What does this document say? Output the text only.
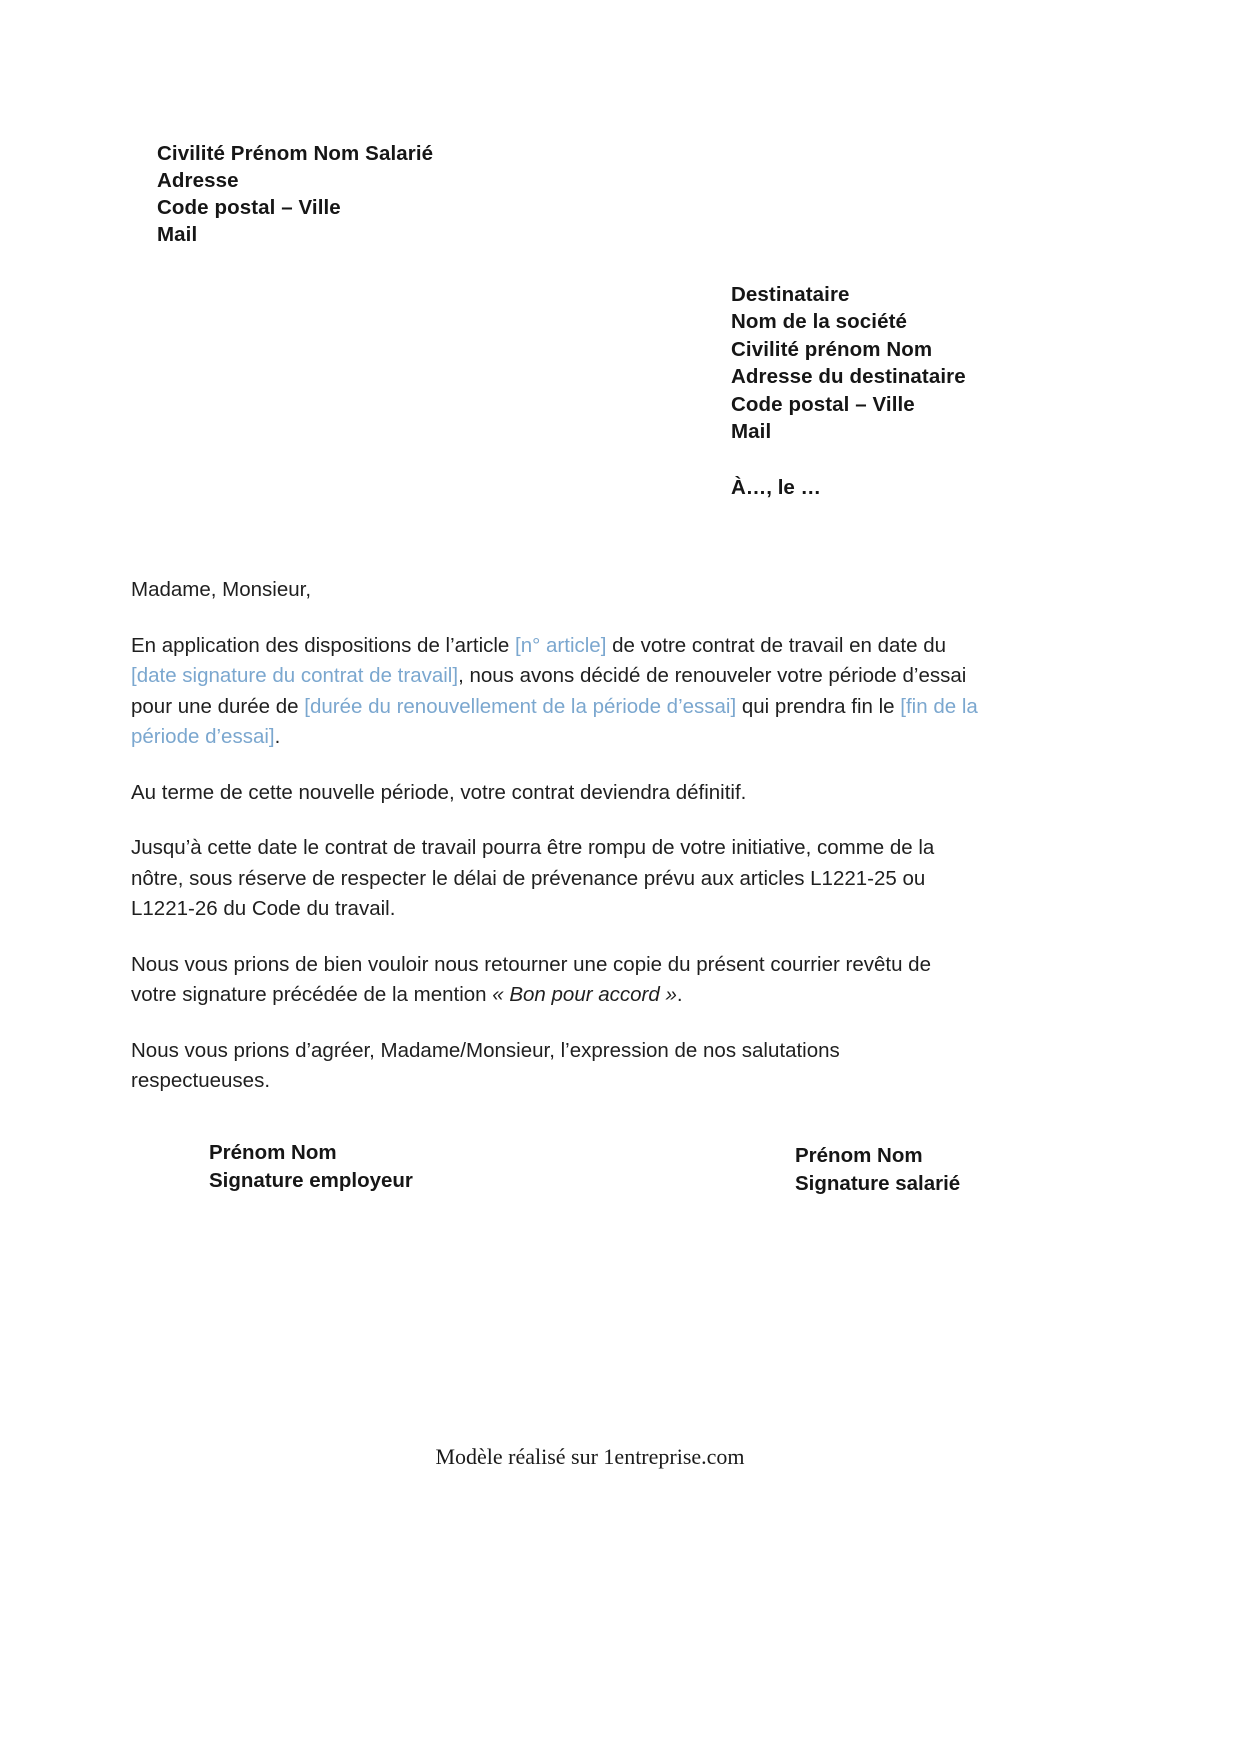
Civilité Prénom Nom Salarié
Adresse
Code postal – Ville
Mail
Destinataire
Nom de la société
Civilité prénom Nom
Adresse du destinataire
Code postal – Ville
Mail
À…, le …

Madame, Monsieur,

En application des dispositions de l’article [n° article] de votre contrat de travail en date du [date signature du contrat de travail], nous avons décidé de renouveler votre période d’essai pour une durée de [durée du renouvellement de la période d’essai] qui prendra fin le [fin de la période d’essai].

Au terme de cette nouvelle période, votre contrat deviendra définitif.

Jusqu’à cette date le contrat de travail pourra être rompu de votre initiative, comme de la nôtre, sous réserve de respecter le délai de prévenance prévu aux articles L1221-25 ou L1221-26 du Code du travail.

Nous vous prions de bien vouloir nous retourner une copie du présent courrier revêtu de votre signature précédée de la mention « Bon pour accord ».

Nous vous prions d’agréer, Madame/Monsieur, l’expression de nos salutations respectueuses.

Prénom Nom
Signature employeur
Prénom Nom
Signature salarié
Modèle réalisé sur 1entreprise.com
